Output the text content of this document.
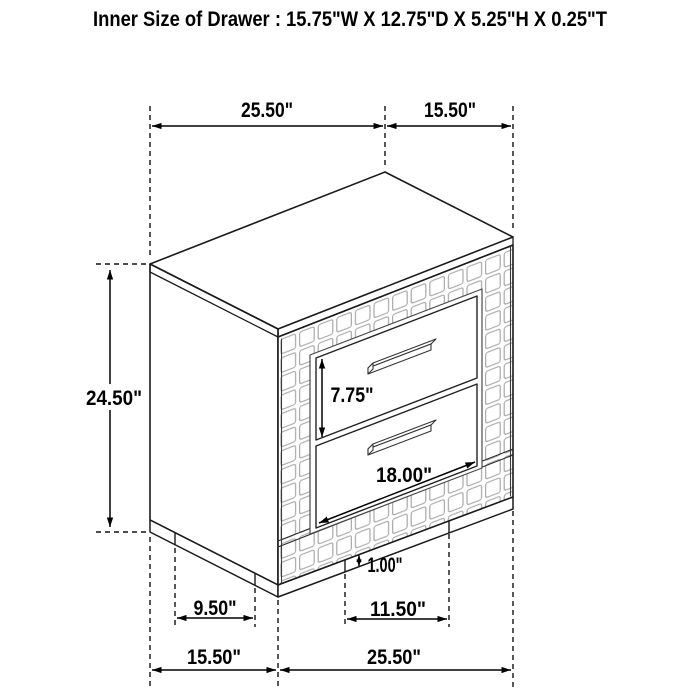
25.50"	15.50"
24.50"	7.75"
18.00"
1.00"
9.50"	11.50"
15.50"	25.50"
Inner Size of Drawer : 15.75"W X 12.75"D X 5.25"H X 0.25"T
